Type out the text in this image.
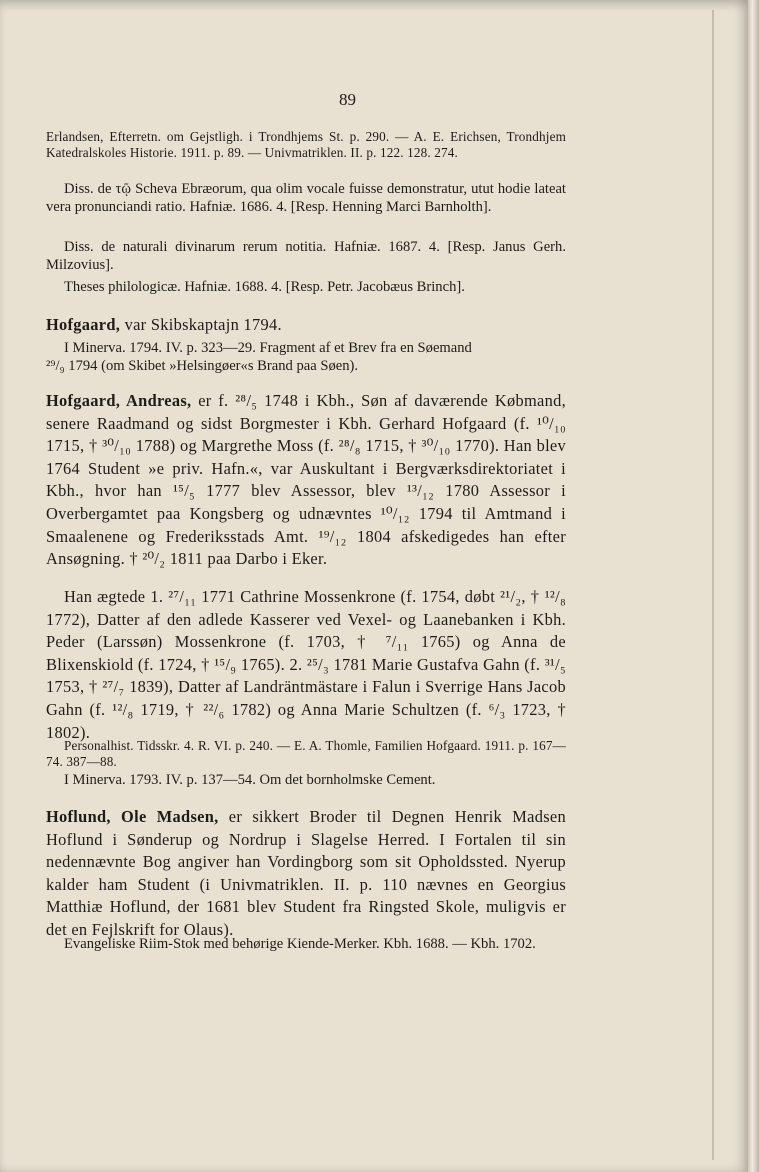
89

Erlandsen, Efterretn. om Gejstligh. i Trondhjems St. p. 290. — A. E. Erichsen, Trondhjem Katedralskoles Historie. 1911. p. 89. — Univmatriklen. II. p. 122. 128. 274.

Diss. de τῷ Scheva Ebræorum, qua olim vocale fuisse demonstratur, utut hodie lateat vera pronunciandi ratio. Hafniæ. 1686. 4. [Resp. Henning Marci Barnholth].

Diss. de naturali divinarum rerum notitia. Hafniæ. 1687. 4. [Resp. Janus Gerh. Milzovius].

Theses philologicæ. Hafniæ. 1688. 4. [Resp. Petr. Jacobæus Brinch].

Hofgaard, var Skibskaptajn 1794.

I Minerva. 1794. IV. p. 323—29. Fragment af et Brev fra en Søemand
²⁹/₉ 1794 (om Skibet »Helsingøer«s Brand paa Søen).

Hofgaard, Andreas, er f. ²⁸/₅ 1748 i Kbh., Søn af daværende Købmand, senere Raadmand og sidst Borgmester i Kbh. Gerhard Hofgaard (f. ¹⁰/₁₀ 1715, † ³⁰/₁₀ 1788) og Margrethe Moss (f. ²⁸/₈ 1715, † ³⁰/₁₀ 1770). Han blev 1764 Student »e priv. Hafn.«, var Auskultant i Bergværksdirektoriatet i Kbh., hvor han ¹⁵/₅ 1777 blev Assessor, blev ¹³/₁₂ 1780 Assessor i Overbergamtet paa Kongsberg og udnævntes ¹⁰/₁₂ 1794 til Amtmand i Smaalenene og Frederiksstads Amt. ¹⁹/₁₂ 1804 afskedigedes han efter Ansøgning. † ²⁰/₂ 1811 paa Darbo i Eker.

Han ægtede 1. ²⁷/₁₁ 1771 Cathrine Mossenkrone (f. 1754, døbt ²¹/₂, † ¹²/₈ 1772), Datter af den adlede Kasserer ved Vexel- og Laanebanken i Kbh. Peder (Larssøn) Mossenkrone (f. 1703, † ⁷/₁₁ 1765) og Anna de Blixenskiold (f. 1724, † ¹⁵/₉ 1765). 2. ²⁵/₃ 1781 Marie Gustafva Gahn (f. ³¹/₅ 1753, † ²⁷/₇ 1839), Datter af Landräntmästare i Falun i Sverrige Hans Jacob Gahn (f. ¹²/₈ 1719, † ²²/₆ 1782) og Anna Marie Schultzen (f. ⁶/₃ 1723, † 1802).

Personalhist. Tidsskr. 4. R. VI. p. 240. — E. A. Thomle, Familien Hofgaard. 1911. p. 167—74. 387—88.

I Minerva. 1793. IV. p. 137—54. Om det bornholmske Cement.

Hoflund, Ole Madsen, er sikkert Broder til Degnen Henrik Madsen Hoflund i Sønderup og Nordrup i Slagelse Herred. I Fortalen til sin nedennævnte Bog angiver han Vordingborg som sit Opholdssted. Nyerup kalder ham Student (i Univmatriklen. II. p. 110 nævnes en Georgius Matthiæ Hoflund, der 1681 blev Student fra Ringsted Skole, muligvis er det en Fejlskrift for Olaus).

Evangeliske Riim-Stok med behørige Kiende-Merker. Kbh. 1688. — Kbh. 1702.
